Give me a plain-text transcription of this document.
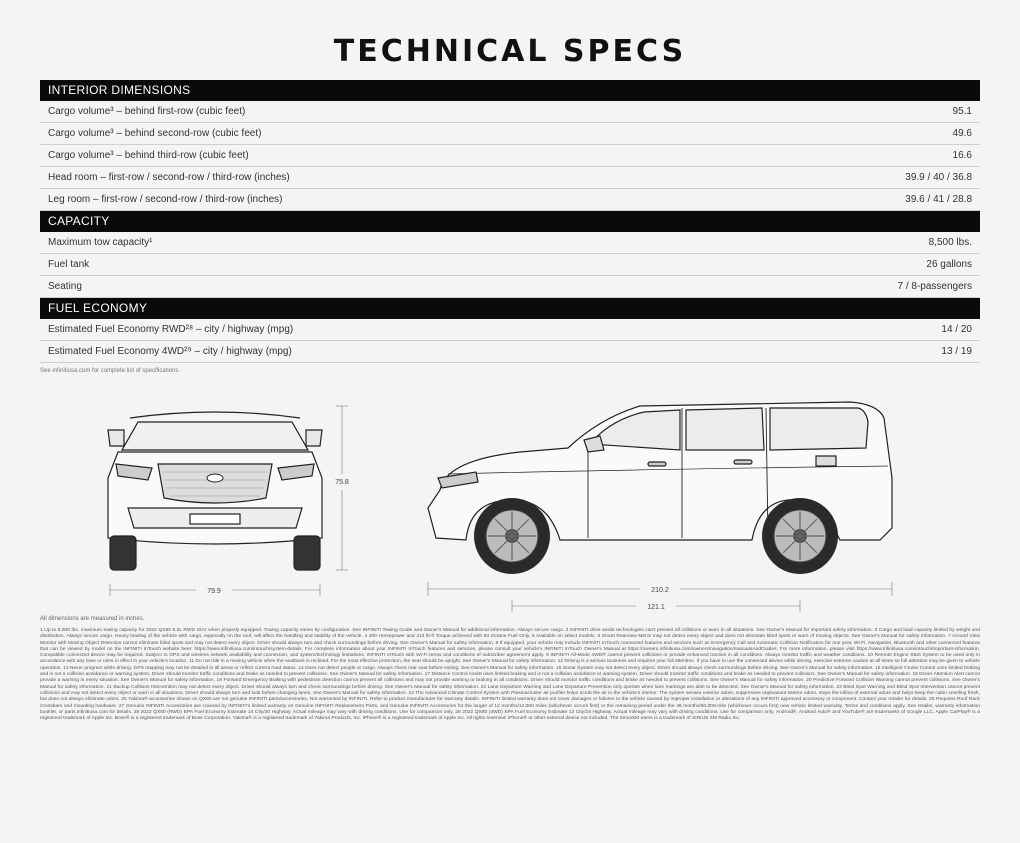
TECHNICAL SPECS
INTERIOR DIMENSIONS
Cargo volume³ – behind first-row (cubic feet)	95.1
Cargo volume³ – behind second-row (cubic feet)	49.6
Cargo volume³ – behind third-row (cubic feet)	16.6
Head room – first-row / second-row / third-row (inches)	39.9 / 40 / 36.8
Leg room – first-row / second-row / third-row (inches)	39.6 / 41 / 28.8
CAPACITY
Maximum tow capacity¹	8,500 lbs.
Fuel tank	26 gallons
Seating	7 / 8-passengers
FUEL ECONOMY
Estimated Fuel Economy RWD²⁸ – city / highway (mpg)	14 / 20
Estimated Fuel Economy 4WD²⁹ – city / highway (mpg)	13 / 19
See infinitiusa.com for complete list of specifications.
79.9
75.8
210.2
121.1
All dimensions are measured in inches.
1 Up to 8,500 lbs. maximum towing capacity for 2022 QX80 5.6L RWD SUV when properly equipped. Towing capacity varies by configuration. See INFINITI Towing Guide and Owner's Manual for additional information. Always secure cargo. 2 INFINITI drive assist technologies can't prevent all collisions or warn in all situations. See Owner's Manual for important safety information. 3 Cargo and load capacity limited by weight and distribution. Always secure cargo. Heavy loading of the vehicle with cargo, especially on the roof, will affect the handling and stability of the vehicle. 4 400 Horsepower and 413 lb-ft Torque achieved with 93 Octane Fuel Only. 5 Available on select models. 6 Smart Rearview Mirror may not detect every object and does not eliminate blind spots or warn of moving objects. See Owner's Manual for safety information. 7 Around View Monitor with Moving Object Detection cannot eliminate blind spots and may not detect every object. Driver should always turn and check surroundings before driving. See Owner's Manual for safety information. 8 If equipped, your vehicle may include INFINITI InTouch connected features and services such as Emergency Call and Automatic Collision Notification for one year, Wi-Fi, Navigation, Bluetooth and other connected features that can be viewed by model on the INFINITI InTouch website here: https://www.infinitiusa.com/intouch/system-details. For complete information about your INFINITI InTouch features and services, please consult your vehicle's INFINITI InTouch Owner's Manual at https://owners.infinitiusa.com/iowners/navigation/manualsAndGuides. For more information, please visit https://www.infinitiusa.com/intouch/important-information. Compatible connected device may be required. Subject to GPS and wireless network availability and connection, and system/technology limitations. INFINITI InTouch with Wi-Fi terms and conditions of subscriber agreement apply. 9 INFINITI All-Mode 4WD® cannot prevent collisions or provide enhanced traction in all conditions. Always monitor traffic and weather conditions. 10 Remote Engine Start System to be used only in accordance with any laws or rules in effect in your vehicle's location. 11 Do not ride in a moving vehicle when the seatback is reclined. For the most effective protection, the seat should be upright. See Owner's Manual for safety information. 12 Driving is a serious business and requires your full attention. If you have to use the connected device while driving, exercise extreme caution at all times so full attention may be given to vehicle operation. 13 Never program while driving. GPS mapping may not be detailed in all areas or reflect current road status. 14 Does not detect people or cargo. Always check rear seat before exiting. See Owner's Manual for safety information. 15 Sonar System may not detect every object. Driver should always check surroundings before driving. See Owner's Manual for safety information. 16 Intelligent Cruise Control uses limited braking and is not a collision avoidance or warning system. Driver should monitor traffic conditions and brake as needed to prevent collisions. See Owner's Manual for safety information. 17 Distance Control Assist uses limited braking and is not a collision avoidance or warning system. Driver should monitor traffic conditions and brake as needed to prevent collisions. See Owner's Manual for safety information. 18 Driver Attention Alert cannot provide a warning in every situation. See Owner's Manual for safety information. 19 Forward Emergency Braking with pedestrian detection cannot prevent all collisions and may not provide warning or braking in all conditions. Driver should monitor traffic conditions and brake as needed to prevent collisions. See Owner's Manual for safety information. 20 Predictive Forward Collision Warning cannot prevent collisions. See Owner's Manual for safety information. 21 Backup Collision Intervention may not detect every object. Driver should always turn and check surroundings before driving. See Owner's Manual for safety information. 22 Lane Departure Warning and Lane Departure Prevention only operate when lane markings are able to be detected. See Owner's Manual for safety information. 23 Blind Spot Warning and Blind Spot Intervention cannot prevent collisions and may not detect every object or warn in all situations. Driver should always turn and look before changing lanes. See Owner's Manual for safety information. 24 The Advanced Climate Control System with Plasmacluster air purifier helps scrub the air in the vehicle's interior. The system senses exterior odors, suppresses unpleasant interior odors, stops the inflow of external odors and helps keep the cabin smelling fresh, but does not always eliminate odors. 25 Yakima® accessories shown on QX80 are not genuine INFINITI parts/accessories. Not warranted by INFINITI. Refer to product manufacturer for warranty details. INFINITI limited warranty does not cover damages or failures to the vehicle caused by improper installation or alterations of any INFINITI approved accessory or component. Contact your retailer for details. 26 Requires Roof Rack Crossbars and mounting hardware. 27 Genuine INFINITI Accessories are covered by INFINITI's limited warranty on Genuine INFINITI Replacement Parts, and Genuine INFINITI Accessories for the longer of 12 months/12,000 miles (whichever occurs first) or the remaining period under the 48 months/60,000-mile (whichever occurs first) new vehicle limited warranty. Terms and conditions apply. See retailer, warranty information booklet, or parts.infinitiusa.com for details. 28 2022 QX80 (RWD) EPA Fuel Economy Estimate 14 City/20 Highway. Actual mileage may vary with driving conditions. Use for comparison only. 29 2022 QX80 (4WD) EPA Fuel Economy Estimate 13 City/19 Highway. Actual mileage may vary with driving conditions. Use for comparison only. Android®, Android Auto® and YouTube® are trademarks of Google LLC. Apple CarPlay® is a registered trademark of Apple Inc. Bose® is a registered trademark of Bose Corporation. Yakima® is a registered trademark of Yakima Products, Inc. iPhone® is a registered trademark of Apple Inc. All rights reserved. iPhone® or other external device not included. The SiriusXM name is a trademark of SIRIUS XM Radio Inc.
